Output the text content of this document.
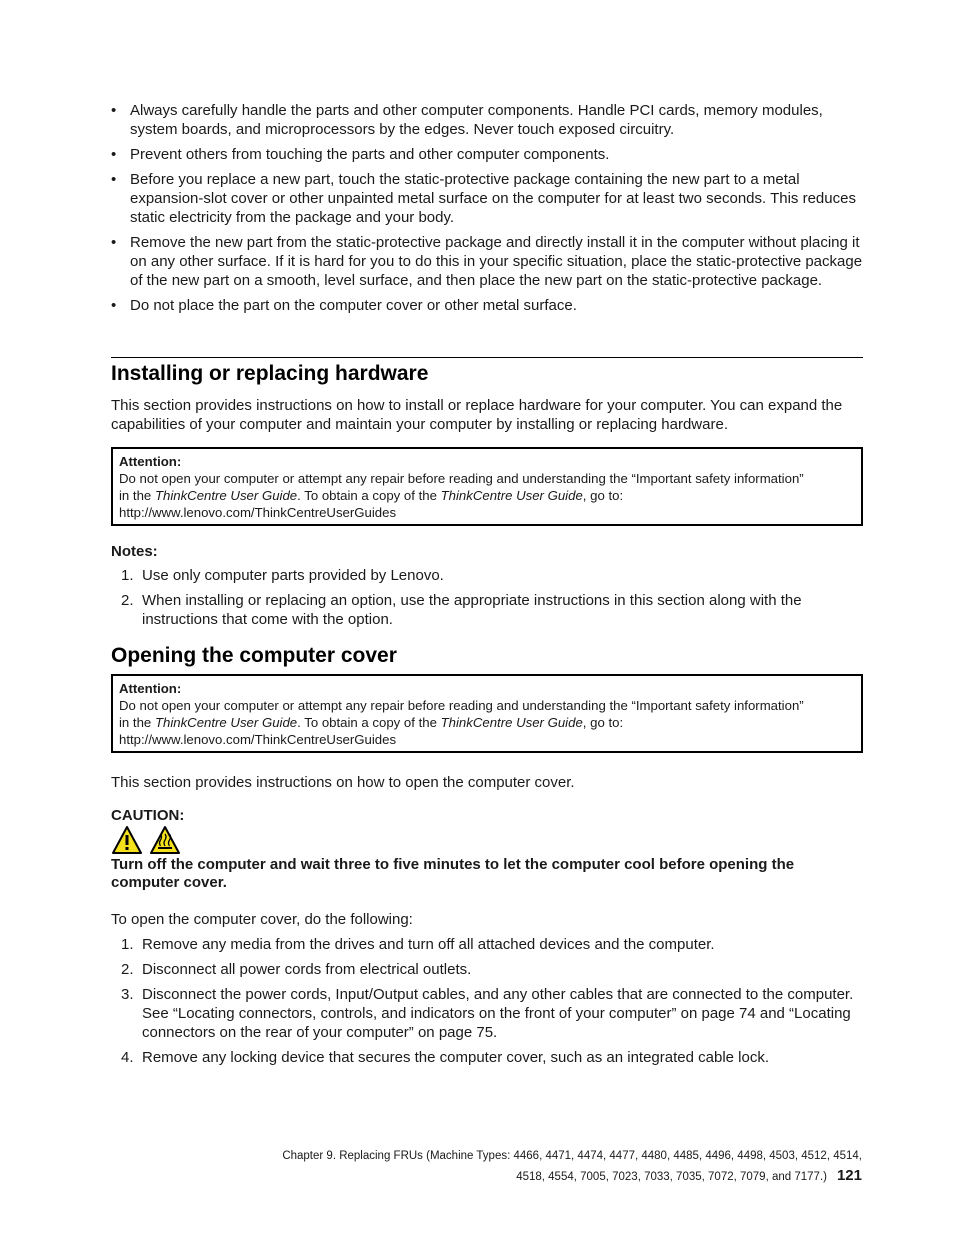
• Always carefully handle the parts and other computer components. Handle PCI cards, memory modules, system boards, and microprocessors by the edges. Never touch exposed circuitry.
• Prevent others from touching the parts and other computer components.
• Before you replace a new part, touch the static-protective package containing the new part to a metal expansion-slot cover or other unpainted metal surface on the computer for at least two seconds. This reduces static electricity from the package and your body.
• Remove the new part from the static-protective package and directly install it in the computer without placing it on any other surface. If it is hard for you to do this in your specific situation, place the static-protective package of the new part on a smooth, level surface, and then place the new part on the static-protective package.
• Do not place the part on the computer cover or other metal surface.
Installing or replacing hardware

This section provides instructions on how to install or replace hardware for your computer. You can expand the capabilities of your computer and maintain your computer by installing or replacing hardware.

Attention:
Do not open your computer or attempt any repair before reading and understanding the “Important safety information”
in the ThinkCentre User Guide. To obtain a copy of the ThinkCentre User Guide, go to:
http://www.lenovo.com/ThinkCentreUserGuides

Notes:

1. Use only computer parts provided by Lenovo.
2. When installing or replacing an option, use the appropriate instructions in this section along with the instructions that come with the option.
Opening the computer cover
Attention:
Do not open your computer or attempt any repair before reading and understanding the “Important safety information”
in the ThinkCentre User Guide. To obtain a copy of the ThinkCentre User Guide, go to:
http://www.lenovo.com/ThinkCentreUserGuides

This section provides instructions on how to open the computer cover.

CAUTION:

Turn off the computer and wait three to five minutes to let the computer cool before opening the computer cover.

To open the computer cover, do the following:

1. Remove any media from the drives and turn off all attached devices and the computer.
2. Disconnect all power cords from electrical outlets.
3. Disconnect the power cords, Input/Output cables, and any other cables that are connected to the computer. See “Locating connectors, controls, and indicators on the front of your computer” on page 74 and “Locating connectors on the rear of your computer” on page 75.
4. Remove any locking device that secures the computer cover, such as an integrated cable lock.
Chapter 9. Replacing FRUs (Machine Types: 4466, 4471, 4474, 4477, 4480, 4485, 4496, 4498, 4503, 4512, 4514,
4518, 4554, 7005, 7023, 7033, 7035, 7072, 7079, and 7177.) 121
